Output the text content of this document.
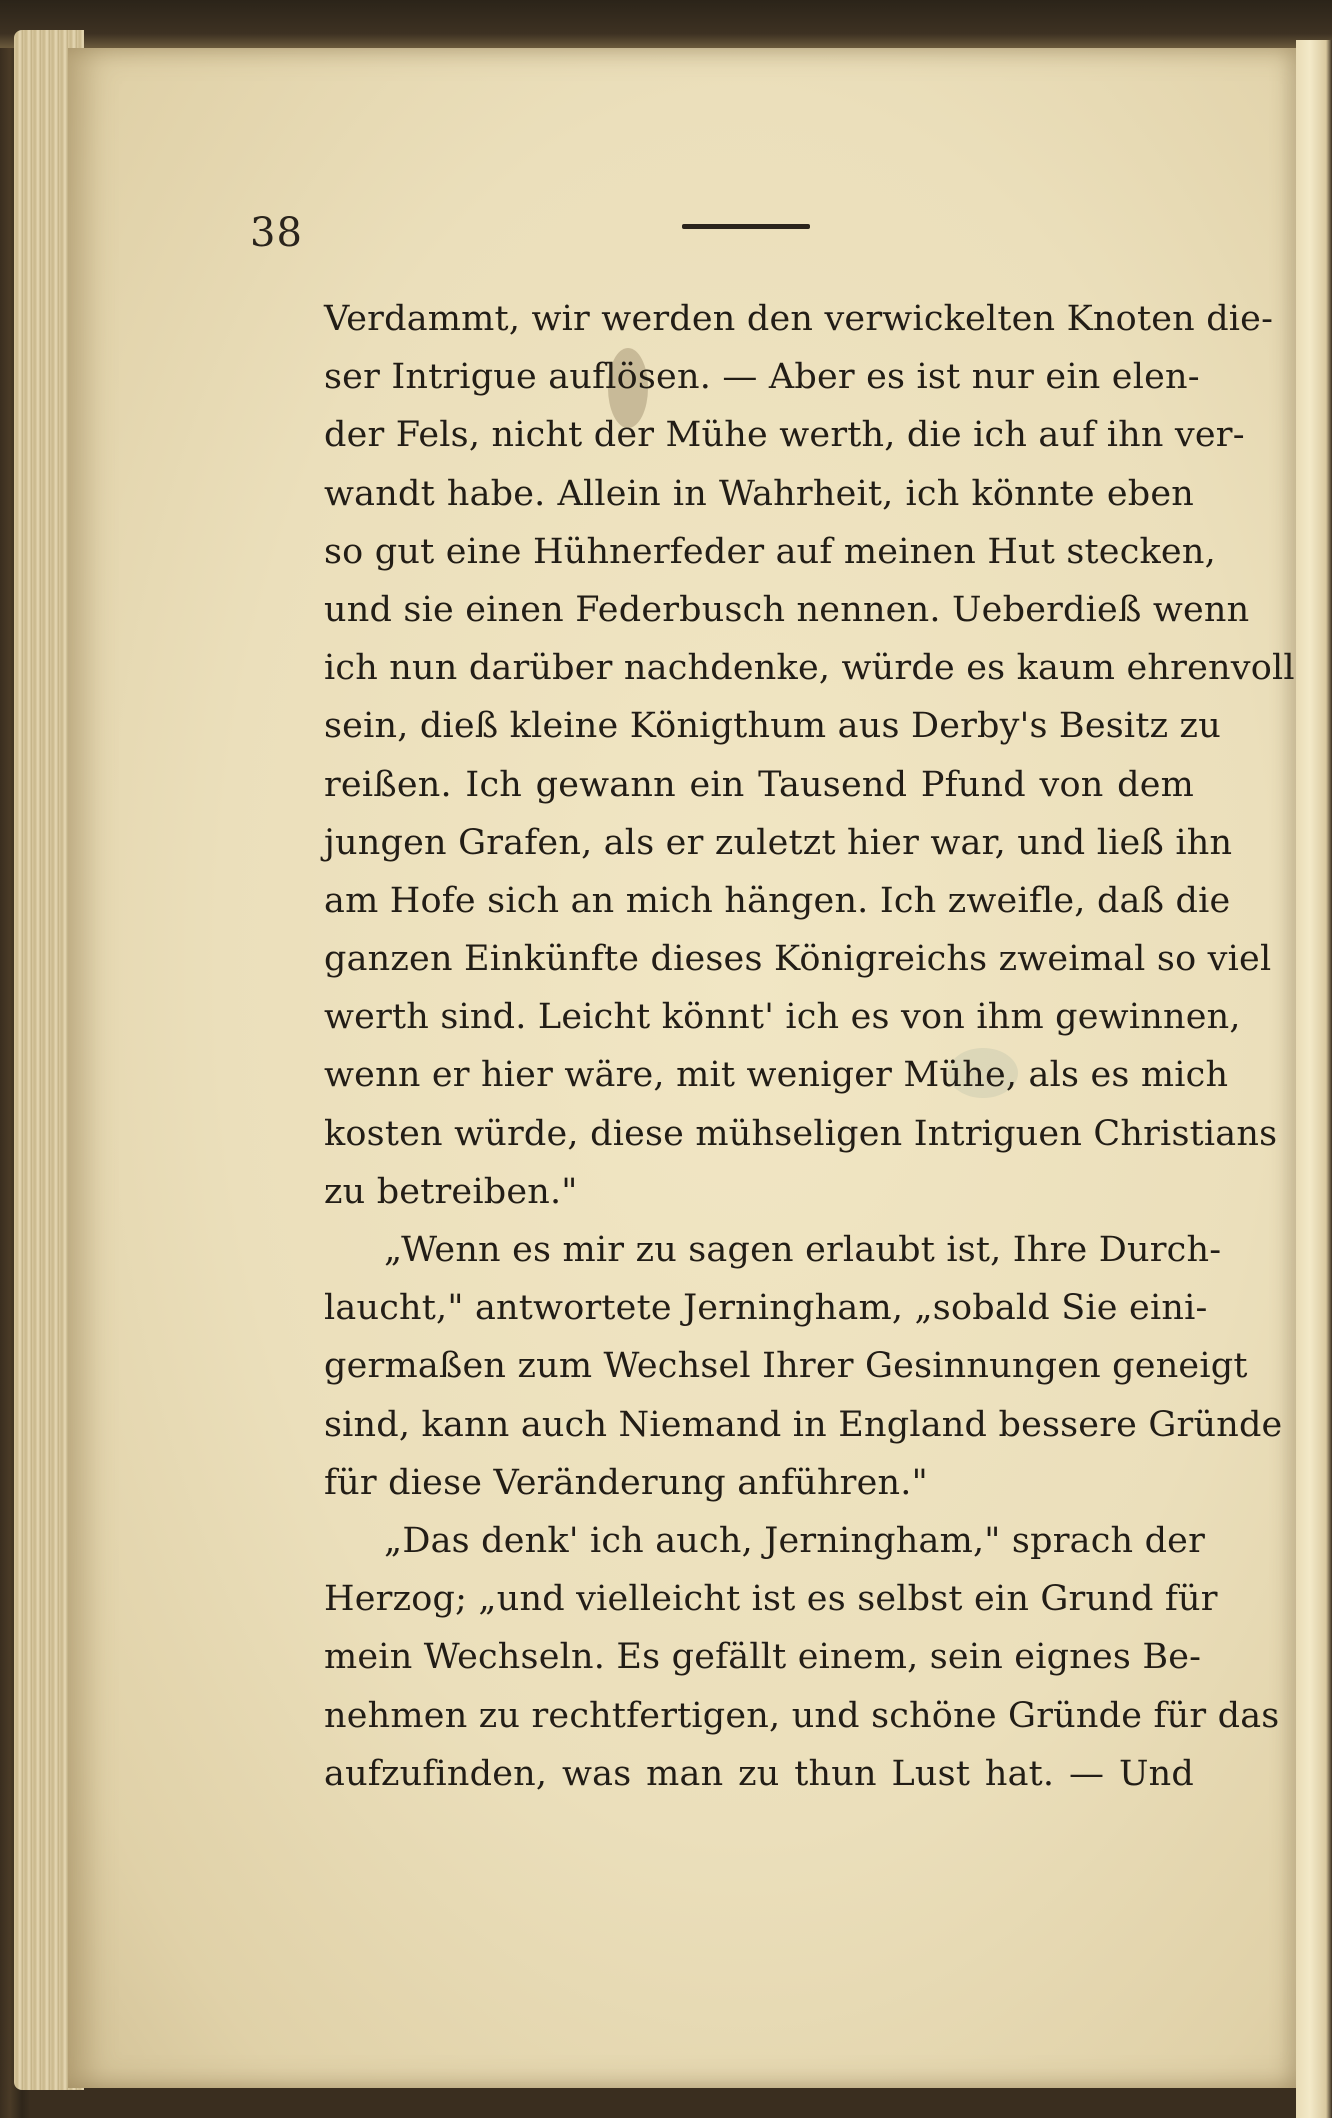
38
Verdammt, wir werden den verwickelten Knoten die-
ser Intrigue auflösen. — Aber es ist nur ein elen-
der Fels, nicht der Mühe werth, die ich auf ihn ver-
wandt habe. Allein in Wahrheit, ich könnte eben
so gut eine Hühnerfeder auf meinen Hut stecken,
und sie einen Federbusch nennen. Ueberdieß wenn
ich nun darüber nachdenke, würde es kaum ehrenvoll
sein, dieß kleine Königthum aus Derby's Besitz zu
reißen. Ich gewann ein Tausend Pfund von dem
jungen Grafen, als er zuletzt hier war, und ließ ihn
am Hofe sich an mich hängen. Ich zweifle, daß die
ganzen Einkünfte dieses Königreichs zweimal so viel
werth sind. Leicht könnt' ich es von ihm gewinnen,
wenn er hier wäre, mit weniger Mühe, als es mich
kosten würde, diese mühseligen Intriguen Christians
zu betreiben."
„Wenn es mir zu sagen erlaubt ist, Ihre Durch-
laucht," antwortete Jerningham, „sobald Sie eini-
germaßen zum Wechsel Ihrer Gesinnungen geneigt
sind, kann auch Niemand in England bessere Gründe
für diese Veränderung anführen."
„Das denk' ich auch, Jerningham," sprach der
Herzog; „und vielleicht ist es selbst ein Grund für
mein Wechseln. Es gefällt einem, sein eignes Be-
nehmen zu rechtfertigen, und schöne Gründe für das
aufzufinden, was man zu thun Lust hat. — Und
